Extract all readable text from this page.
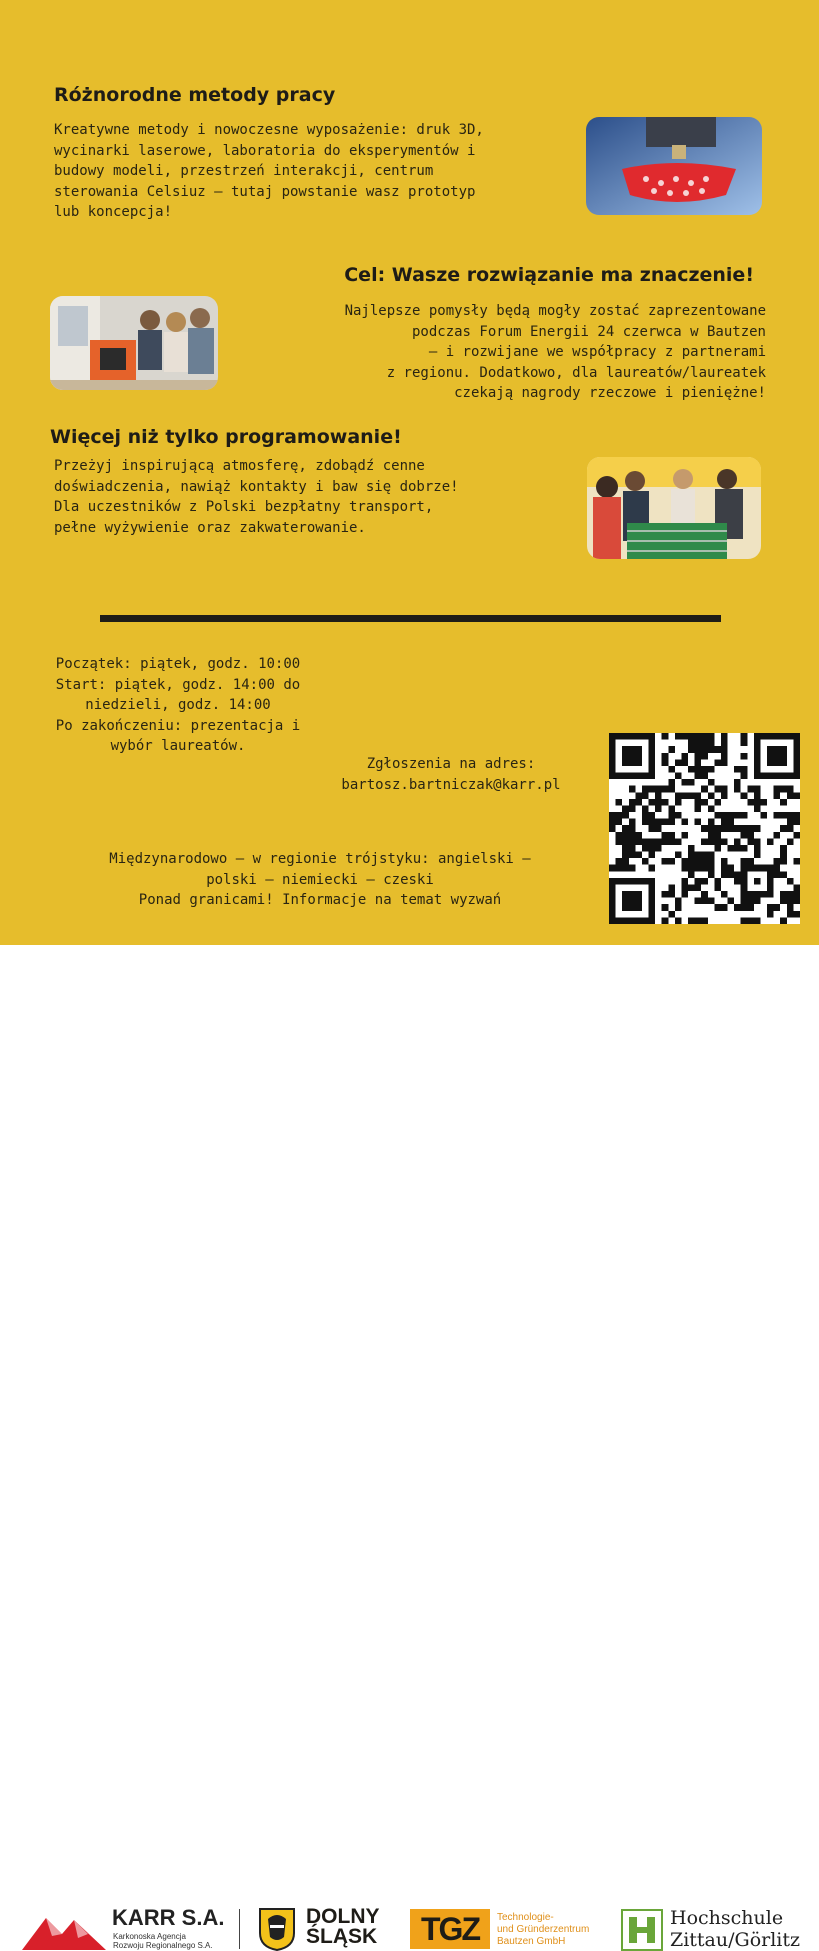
Różnorodne metody pracy
Kreatywne metody i nowoczesne wyposażenie: druk 3D,
wycinarki laserowe, laboratoria do eksperymentów i
budowy modeli, przestrzeń interakcji, centrum
sterowania Celsiuz – tutaj powstanie wasz prototyp
lub koncepcja!
Cel: Wasze rozwiązanie ma znaczenie!
Najlepsze pomysły będą mogły zostać zaprezentowane
podczas Forum Energii 24 czerwca w Bautzen
– i rozwijane we współpracy z partnerami
z regionu. Dodatkowo, dla laureatów/laureatek
czekają nagrody rzeczowe i pieniężne!
Więcej niż tylko programowanie!
Przeżyj inspirującą atmosferę, zdobądź cenne
doświadczenia, nawiąż kontakty i baw się dobrze!
Dla uczestników z Polski bezpłatny transport,
pełne wyżywienie oraz zakwaterowanie.
Początek: piątek, godz. 10:00
Start: piątek, godz. 14:00 do
niedzieli, godz. 14:00
Po zakończeniu: prezentacja i
wybór laureatów.
Zgłoszenia na adres:
bartosz.bartniczak@karr.pl
Międzynarodowo – w regionie trójstyku: angielski –
polski – niemiecki – czeski
Ponad granicami! Informacje na temat wyzwań
KARR S.A.
Karkonoska Agencja
Rozwoju Regionalnego S.A.
DOLNY
ŚLĄSK	TGZ	Technologie-
und Gründerzentrum
Bautzen GmbH
Hochschule
Zittau/Görlitz
